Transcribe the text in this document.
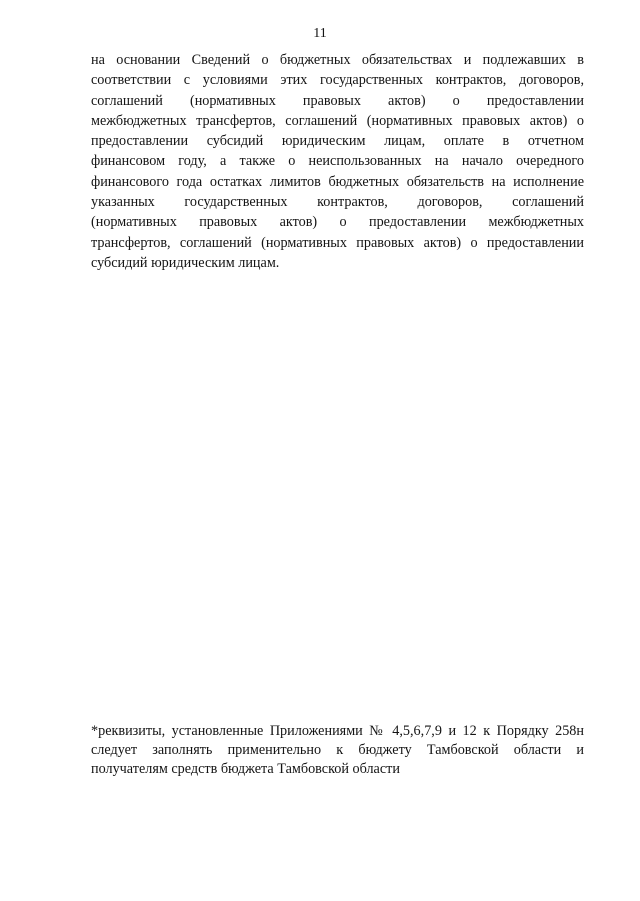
11
на основании Сведений о бюджетных обязательствах и подлежавших в
соответствии с условиями этих государственных контрактов, договоров,
соглашений (нормативных правовых актов) о предоставлении
межбюджетных трансфертов, соглашений (нормативных правовых актов) о
предоставлении субсидий юридическим лицам, оплате в отчетном
финансовом году, а также о неиспользованных на начало очередного
финансового года остатках лимитов бюджетных обязательств на исполнение
указанных государственных контрактов, договоров, соглашений
(нормативных правовых актов) о предоставлении межбюджетных
трансфертов, соглашений (нормативных правовых актов) о предоставлении
субсидий юридическим лицам.
*реквизиты, установленные Приложениями № 4,5,6,7,9 и 12 к Порядку 258н
следует заполнять применительно к бюджету Тамбовской области и
получателям средств бюджета Тамбовской области
